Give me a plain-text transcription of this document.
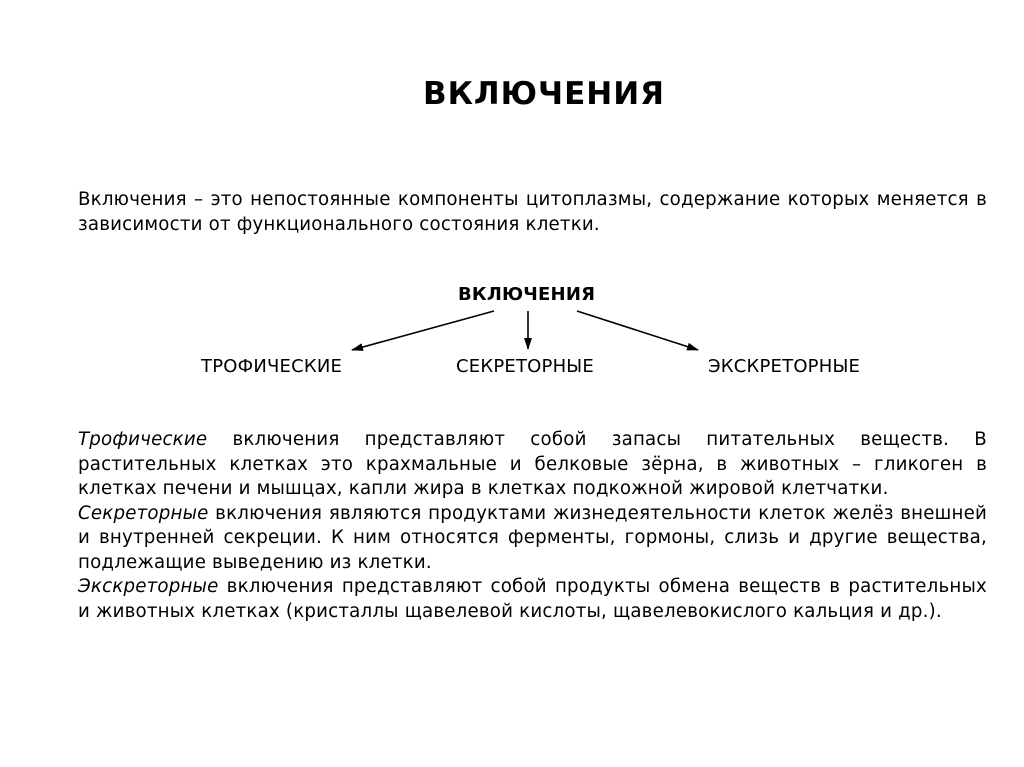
ВКЛЮЧЕНИЯ

Включения – это непостоянные компоненты цитоплазмы, содержание которых меняется в зависимости от функционального состояния клетки.

ВКЛЮЧЕНИЯ
ТРОФИЧЕСКИЕ	СЕКРЕТОРНЫЕ	ЭКСКРЕТОРНЫЕ

Трофические включения представляют собой запасы питательных веществ. В растительных клетках это крахмальные и белковые зёрна, в животных – гликоген в клетках печени и мышцах, капли жира в клетках подкожной жировой клетчатки.

Секреторные включения являются продуктами жизнедеятельности клеток желёз внешней и внутренней секреции. К ним относятся ферменты, гормоны, слизь и другие вещества, подлежащие выведению из клетки.

Экскреторные включения представляют собой продукты обмена веществ в растительных и животных клетках (кристаллы щавелевой кислоты, щавелевокислого кальция и др.).
